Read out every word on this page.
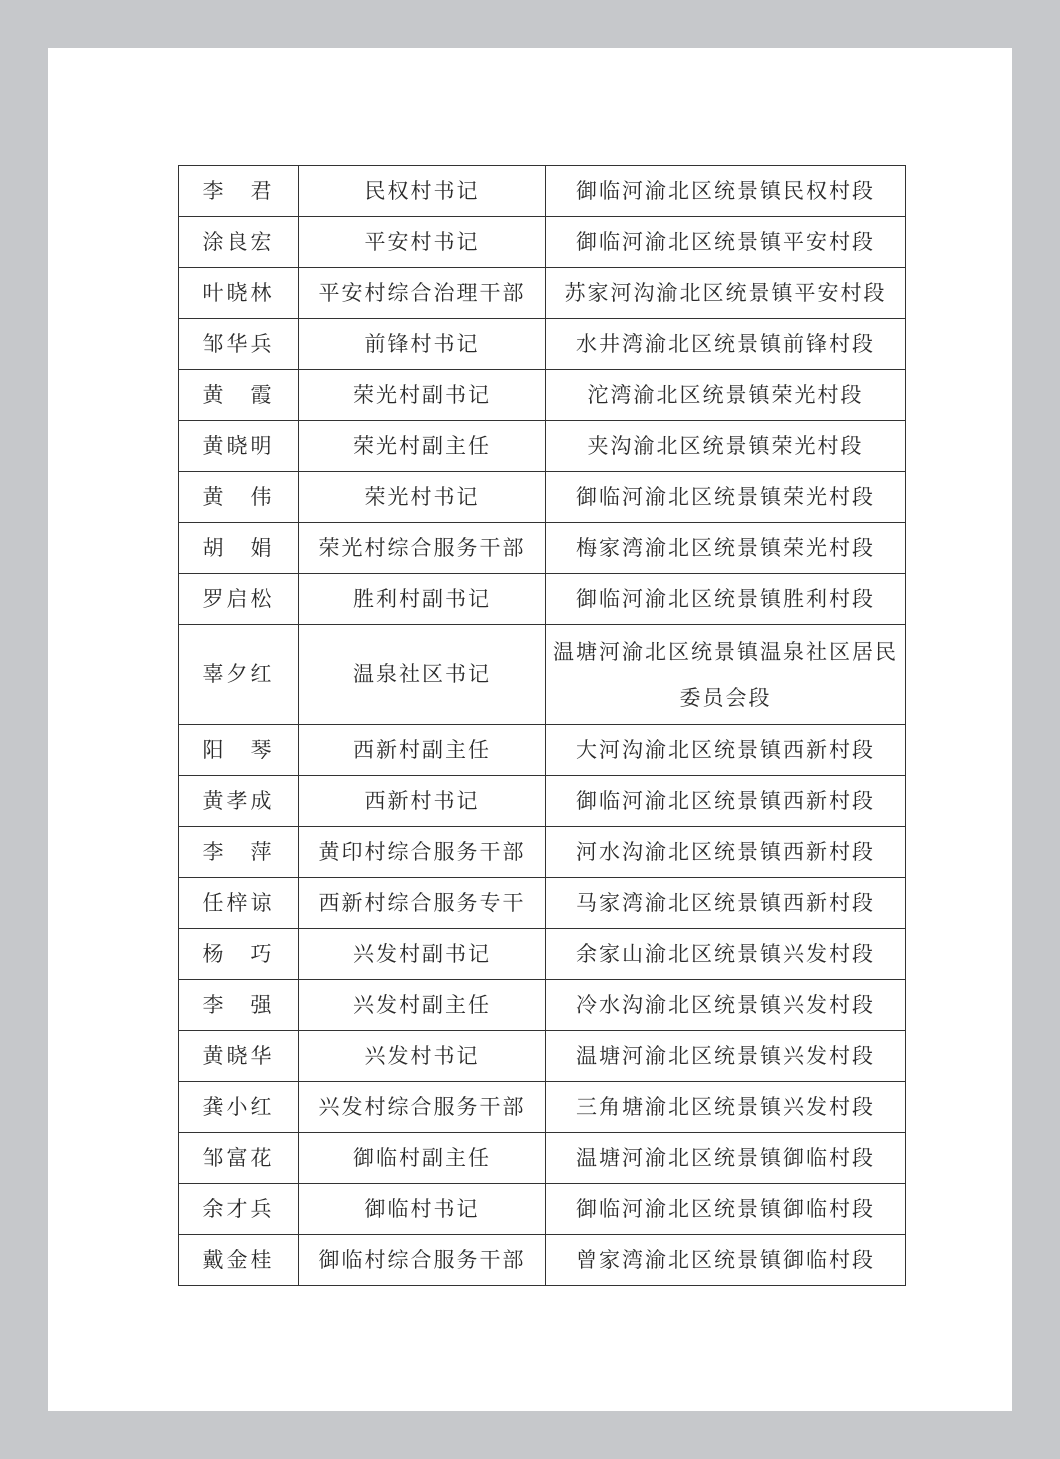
李　君	民权村书记	御临河渝北区统景镇民权村段
涂良宏	平安村书记	御临河渝北区统景镇平安村段
叶晓林	平安村综合治理干部	苏家河沟渝北区统景镇平安村段
邹华兵	前锋村书记	水井湾渝北区统景镇前锋村段
黄　霞	荣光村副书记	沱湾渝北区统景镇荣光村段
黄晓明	荣光村副主任	夹沟渝北区统景镇荣光村段
黄　伟	荣光村书记	御临河渝北区统景镇荣光村段
胡　娟	荣光村综合服务干部	梅家湾渝北区统景镇荣光村段
罗启松	胜利村副书记	御临河渝北区统景镇胜利村段
辜夕红	温泉社区书记	温塘河渝北区统景镇温泉社区居民委员会段
阳　琴	西新村副主任	大河沟渝北区统景镇西新村段
黄孝成	西新村书记	御临河渝北区统景镇西新村段
李　萍	黄印村综合服务干部	河水沟渝北区统景镇西新村段
任梓谅	西新村综合服务专干	马家湾渝北区统景镇西新村段
杨　巧	兴发村副书记	余家山渝北区统景镇兴发村段
李　强	兴发村副主任	冷水沟渝北区统景镇兴发村段
黄晓华	兴发村书记	温塘河渝北区统景镇兴发村段
龚小红	兴发村综合服务干部	三角塘渝北区统景镇兴发村段
邹富花	御临村副主任	温塘河渝北区统景镇御临村段
余才兵	御临村书记	御临河渝北区统景镇御临村段
戴金桂	御临村综合服务干部	曾家湾渝北区统景镇御临村段
